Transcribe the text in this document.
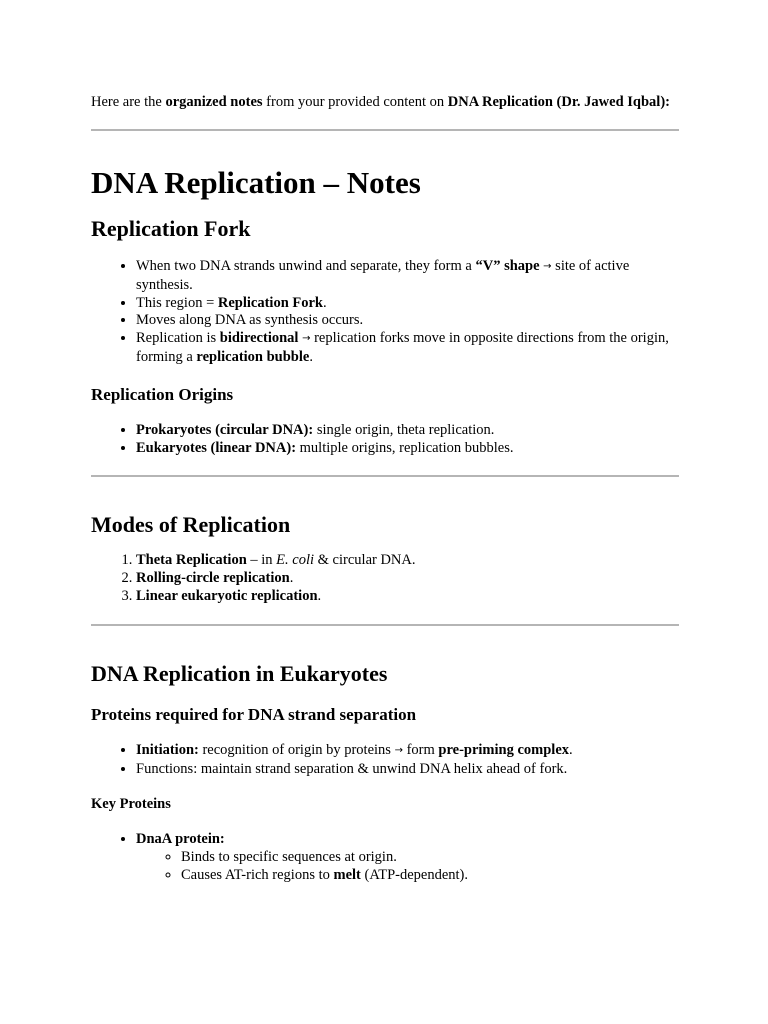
Here are the organized notes from your provided content on DNA Replication (Dr. Jawed Iqbal):

DNA Replication – Notes
Replication Fork
• When two DNA strands unwind and separate, they form a “V” shape → site of active synthesis.
• This region = Replication Fork.
• Moves along DNA as synthesis occurs.
• Replication is bidirectional → replication forks move in opposite directions from the origin, forming a replication bubble.
Replication Origins
• Prokaryotes (circular DNA): single origin, theta replication.
• Eukaryotes (linear DNA): multiple origins, replication bubbles.
Modes of Replication
1. Theta Replication – in E. coli & circular DNA.
2. Rolling-circle replication.
3. Linear eukaryotic replication.
DNA Replication in Eukaryotes
Proteins required for DNA strand separation
• Initiation: recognition of origin by proteins → form pre-priming complex.
• Functions: maintain strand separation & unwind DNA helix ahead of fork.
Key Proteins
• DnaA protein:
◦ Binds to specific sequences at origin.
◦ Causes AT-rich regions to melt (ATP-dependent).
